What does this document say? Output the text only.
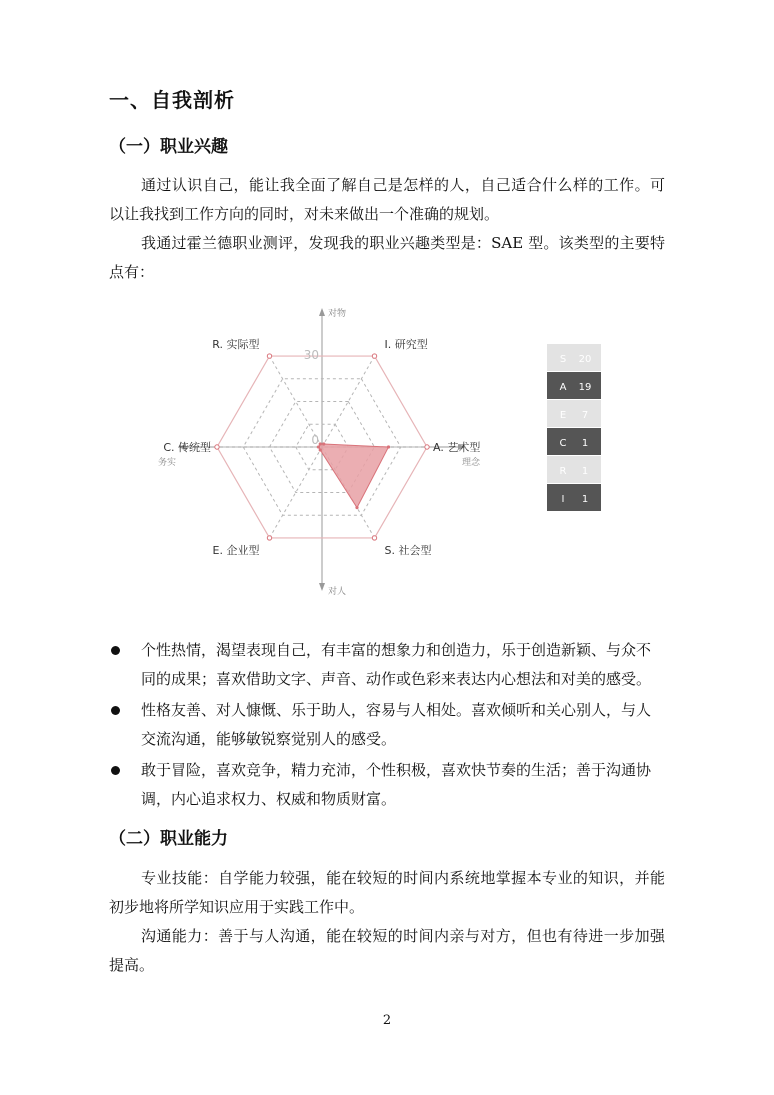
一、自我剖析
（一）职业兴趣
通过认识自己，能让我全面了解自己是怎样的人，自己适合什么样的工作。可以让我找到工作方向的同时，对未来做出一个准确的规划。
我通过霍兰德职业测评，发现我的职业兴趣类型是：SAE 型。该类型的主要特点有：
I. 研究型
A. 艺术型
S. 社会型
E. 企业型
C. 传统型
R. 实际型
0
30
对物
对人
务实	理念
S 20
A 19
E 7
C 1
R 1
I 1
个性热情，渴望表现自己，有丰富的想象力和创造力，乐于创造新颖、与众不同的成果；喜欢借助文字、声音、动作或色彩来表达内心想法和对美的感受。
性格友善、对人慷慨、乐于助人，容易与人相处。喜欢倾听和关心别人，与人交流沟通，能够敏锐察觉别人的感受。
敢于冒险，喜欢竞争，精力充沛，个性积极，喜欢快节奏的生活；善于沟通协调，内心追求权力、权威和物质财富。
（二）职业能力
专业技能：自学能力较强，能在较短的时间内系统地掌握本专业的知识，并能初步地将所学知识应用于实践工作中。
沟通能力：善于与人沟通，能在较短的时间内亲与对方，但也有待进一步加强提高。
2
